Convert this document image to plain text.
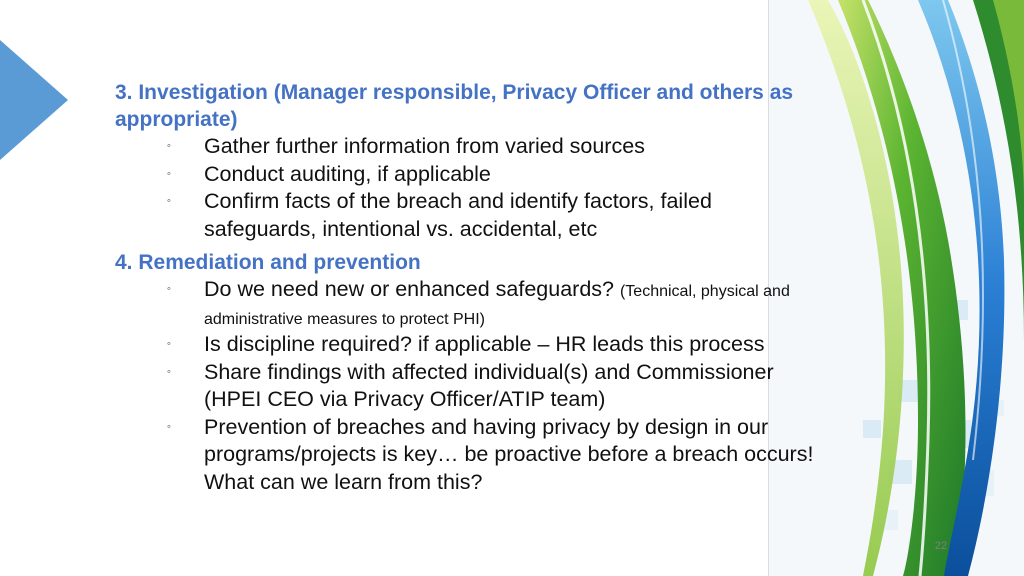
3. Investigation (Manager responsible, Privacy Officer and others as appropriate)

◦ Gather further information from varied sources
◦ Conduct auditing, if applicable
◦ Confirm facts of the breach and identify factors, failed safeguards, intentional vs. accidental, etc

4. Remediation and prevention

◦ Do we need new or enhanced safeguards? (Technical, physical and administrative measures to protect PHI)
◦ Is discipline required? if applicable – HR leads this process
◦ Share findings with affected individual(s) and Commissioner (HPEI CEO via Privacy Officer/ATIP team)
◦ Prevention of breaches and having privacy by design in our programs/projects is key… be proactive before a breach occurs! What can we learn from this?
22
